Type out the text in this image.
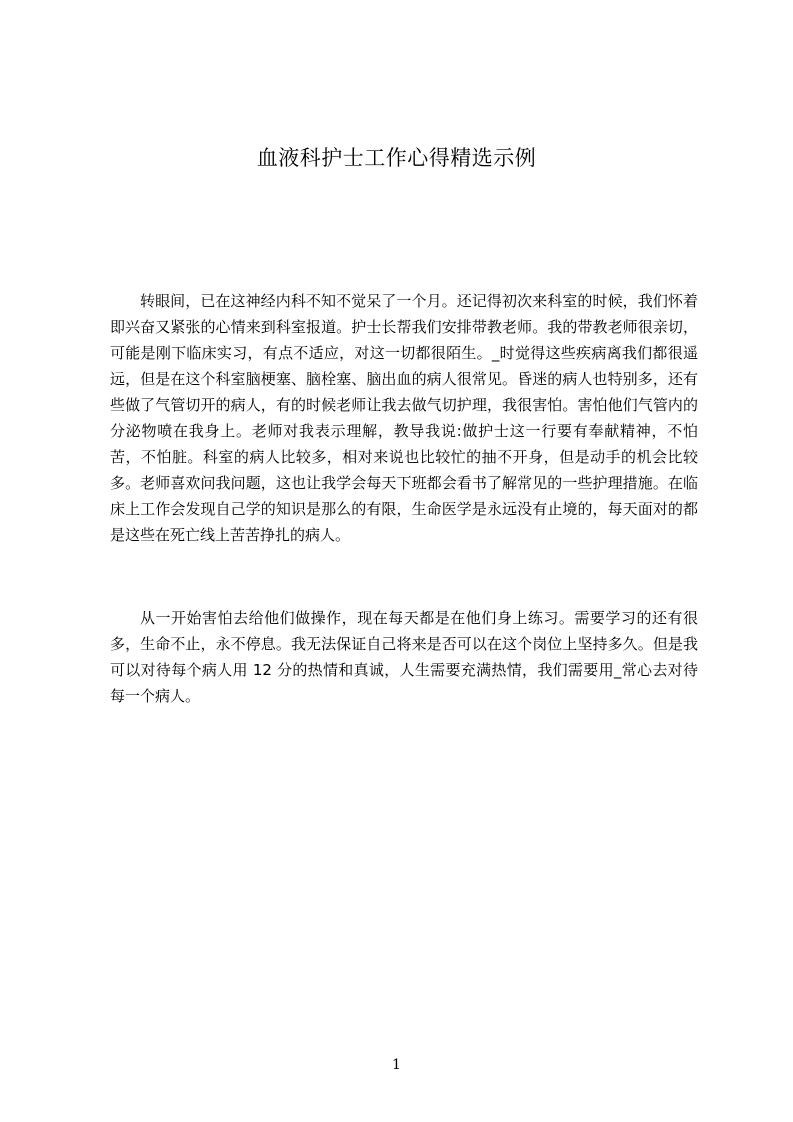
血液科护士工作心得精选示例

转眼间，已在这神经内科不知不觉呆了一个月。还记得初次来科室的时候，我们怀着即兴奋又紧张的心情来到科室报道。护士长帮我们安排带教老师。我的带教老师很亲切，可能是刚下临床实习，有点不适应，对这一切都很陌生。_时觉得这些疾病离我们都很遥远，但是在这个科室脑梗塞、脑栓塞、脑出血的病人很常见。昏迷的病人也特别多，还有些做了气管切开的病人，有的时候老师让我去做气切护理，我很害怕。害怕他们气管内的分泌物喷在我身上。老师对我表示理解，教导我说:做护士这一行要有奉献精神，不怕苦，不怕脏。科室的病人比较多，相对来说也比较忙的抽不开身，但是动手的机会比较多。老师喜欢问我问题，这也让我学会每天下班都会看书了解常见的一些护理措施。在临床上工作会发现自己学的知识是那么的有限，生命医学是永远没有止境的，每天面对的都是这些在死亡线上苦苦挣扎的病人。

从一开始害怕去给他们做操作，现在每天都是在他们身上练习。需要学习的还有很多，生命不止，永不停息。我无法保证自己将来是否可以在这个岗位上坚持多久。但是我可以对待每个病人用 12 分的热情和真诚，人生需要充满热情，我们需要用_常心去对待每一个病人。

1
